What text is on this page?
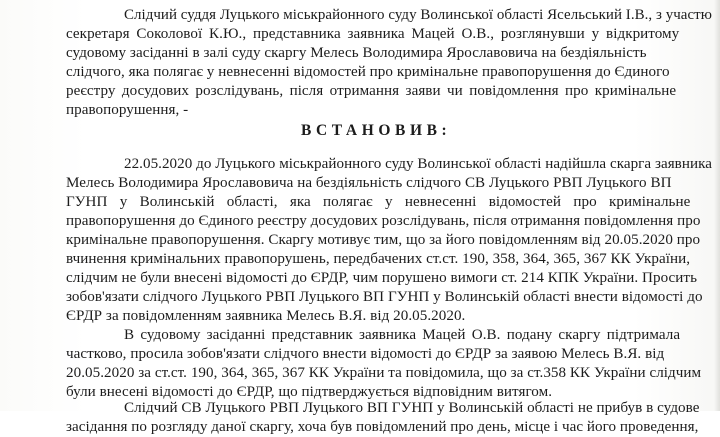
Слідчий суддя Луцького міськрайонного суду Волинської області Ясельський І.В., з участю
секретаря Соколової К.Ю., представника заявника Мацей О.В., розглянувши у відкритому
судовому засіданні в залі суду скаргу Мелесь Володимира Ярославовича на бездіяльність
слідчого, яка полягає у невнесенні відомостей про кримінальне правопорушення до Єдиного
реєстру досудових розслідувань, після отримання заяви чи повідомлення про кримінальне
правопорушення, -
ВСТАНОВИВ:
22.05.2020 до Луцького міськрайонного суду Волинської області надійшла скарга заявника
Мелесь Володимира Ярославовича на бездіяльність слідчого СВ Луцького РВП Луцького ВП
ГУНП у Волинській області, яка полягає у невнесенні відомостей про кримінальне
правопорушення до Єдиного реєстру досудових розслідувань, після отримання повідомлення про
кримінальне правопорушення. Скаргу мотивує тим, що за його повідомленням від 20.05.2020 про
вчинення кримінальних правопорушень, передбачених ст.ст. 190, 358, 364, 365, 367 КК України,
слідчим не були внесені відомості до ЄРДР, чим порушено вимоги ст. 214 КПК України. Просить
зобов'язати слідчого Луцького РВП Луцького ВП ГУНП у Волинській області внести відомості до
ЄРДР за повідомленням заявника Мелесь В.Я. від 20.05.2020.
В судовому засіданні представник заявника Мацей О.В. подану скаргу підтримала
частково, просила зобов'язати слідчого внести відомості до ЄРДР за заявою Мелесь В.Я. від
20.05.2020 за ст.ст. 190, 364, 365, 367 КК України та повідомила, що за ст.358 КК України слідчим
були внесені відомості до ЄРДР, що підтверджується відповідним витягом.
Слідчий СВ Луцького РВП Луцького ВП ГУНП у Волинській області не прибув в судове
засідання по розгляду даної скаргу, хоча був повідомлений про день, місце і час його проведення,
